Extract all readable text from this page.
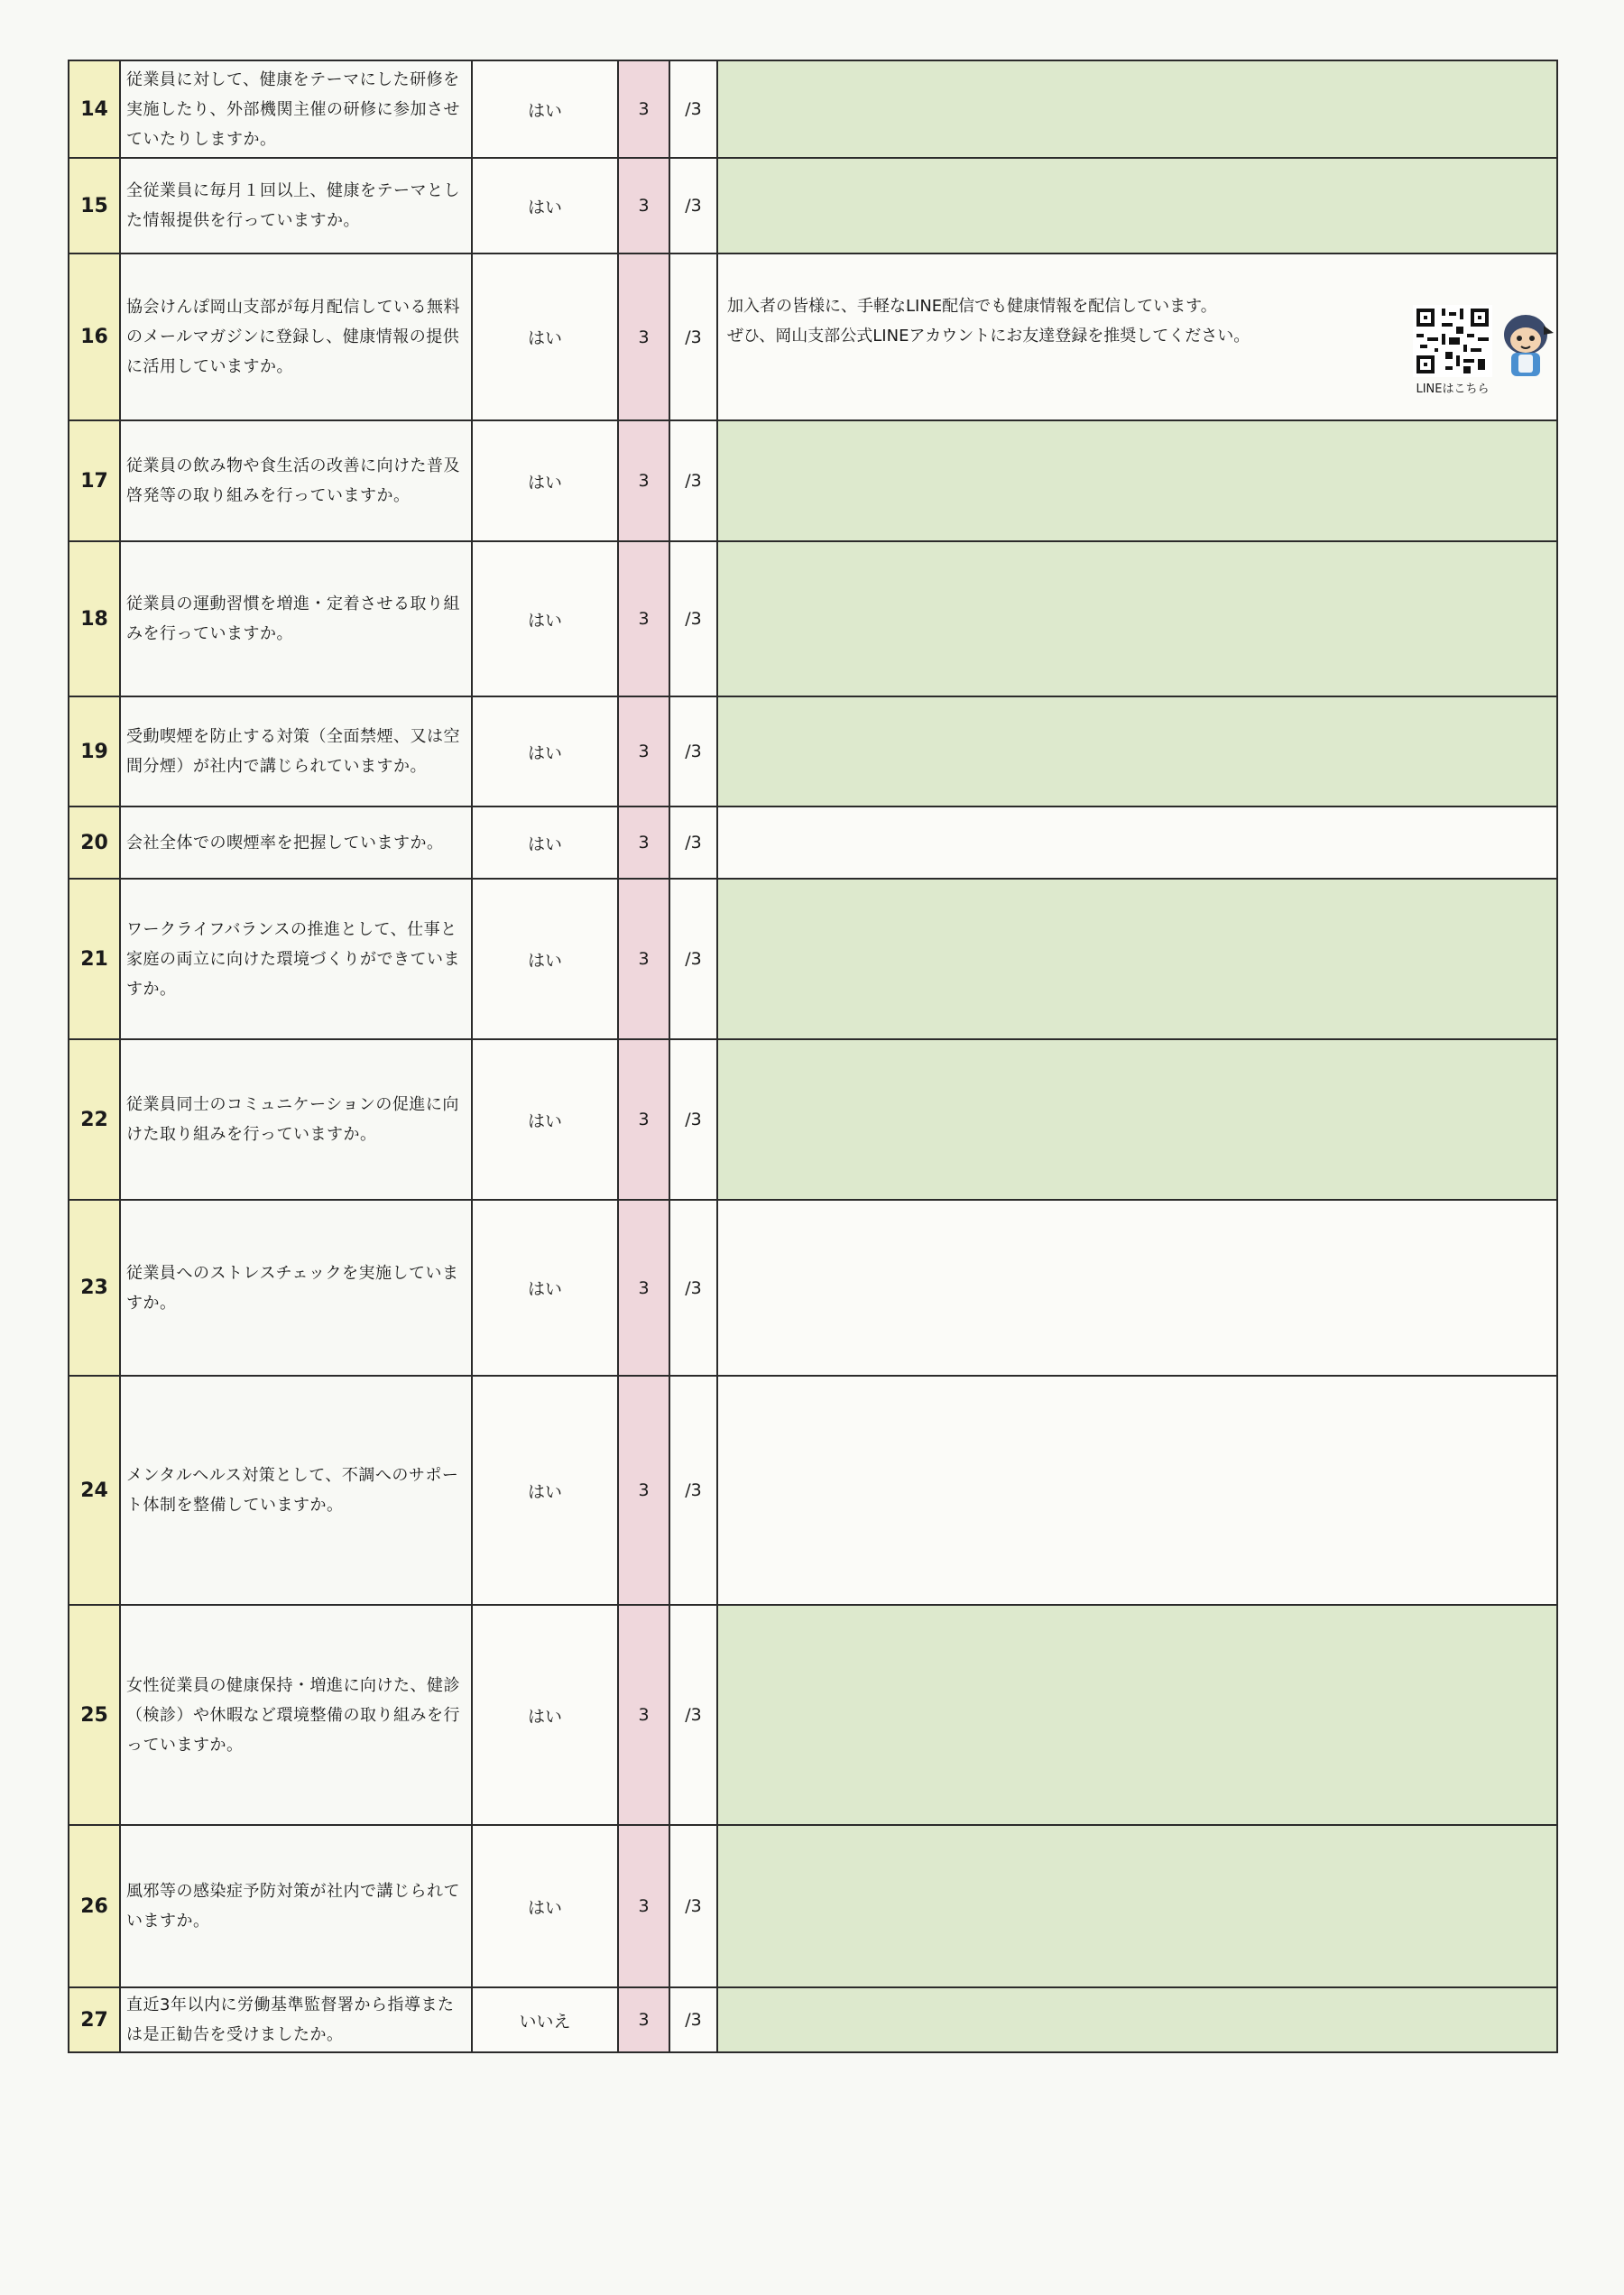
14	従業員に対して、健康をテーマにした研修を実施したり、外部機関主催の研修に参加させていたりしますか。	はい	3	/3	
15	全従業員に毎月１回以上、健康をテーマとした情報提供を行っていますか。	はい	3	/3	
16	協会けんぽ岡山支部が毎月配信している無料のメールマガジンに登録し、健康情報の提供に活用していますか。	はい	3	/3	加入者の皆様に、手軽なLINE配信でも健康情報を配信しています。
ぜひ、岡山支部公式LINEアカウントにお友達登録を推奨してください。
LINEはこちら

17	従業員の飲み物や食生活の改善に向けた普及啓発等の取り組みを行っていますか。	はい	3	/3	
18	従業員の運動習慣を増進・定着させる取り組みを行っていますか。	はい	3	/3	
19	受動喫煙を防止する対策（全面禁煙、又は空間分煙）が社内で講じられていますか。	はい	3	/3	
20	会社全体での喫煙率を把握していますか。	はい	3	/3	
21	ワークライフバランスの推進として、仕事と家庭の両立に向けた環境づくりができていますか。	はい	3	/3	
22	従業員同士のコミュニケーションの促進に向けた取り組みを行っていますか。	はい	3	/3	
23	従業員へのストレスチェックを実施していますか。	はい	3	/3	
24	メンタルヘルス対策として、不調へのサポート体制を整備していますか。	はい	3	/3	
25	女性従業員の健康保持・増進に向けた、健診（検診）や休暇など環境整備の取り組みを行っていますか。	はい	3	/3	
26	風邪等の感染症予防対策が社内で講じられていますか。	はい	3	/3	
27	直近3年以内に労働基準監督署から指導または是正勧告を受けましたか。	いいえ	3	/3	
